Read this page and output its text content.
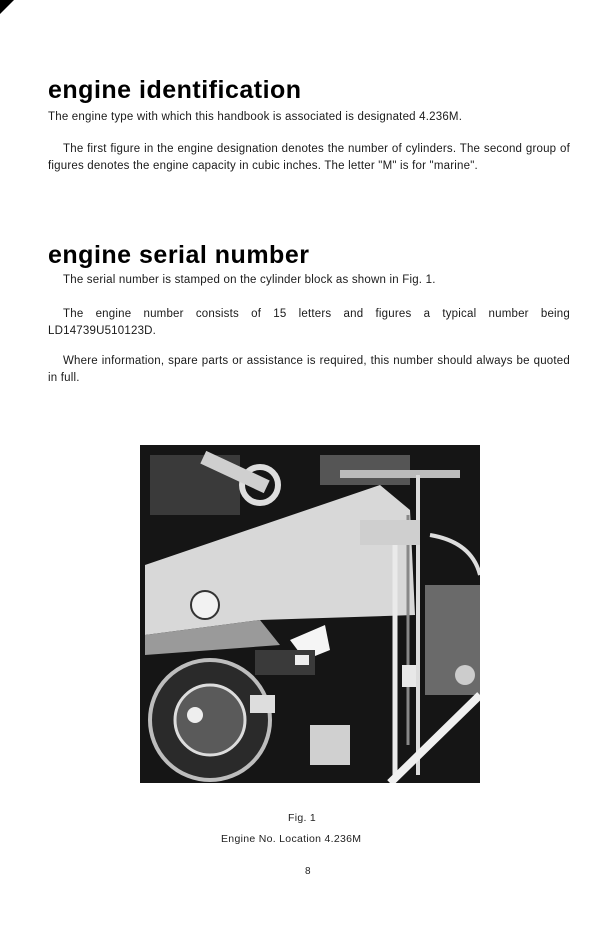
engine identification

The engine type with which this handbook is associated is designated 4.236M.

The first figure in the engine designation denotes the number of cylinders. The second group of figures denotes the engine capacity in cubic inches. The letter "M" is for "marine".

engine serial number

The serial number is stamped on the cylinder block as shown in Fig. 1.

The engine number consists of 15 letters and figures a typical number being LD14739U510123D.

Where information, spare parts or assistance is required, this number should always be quoted in full.

Fig. 1
Engine No. Location 4.236M
8
